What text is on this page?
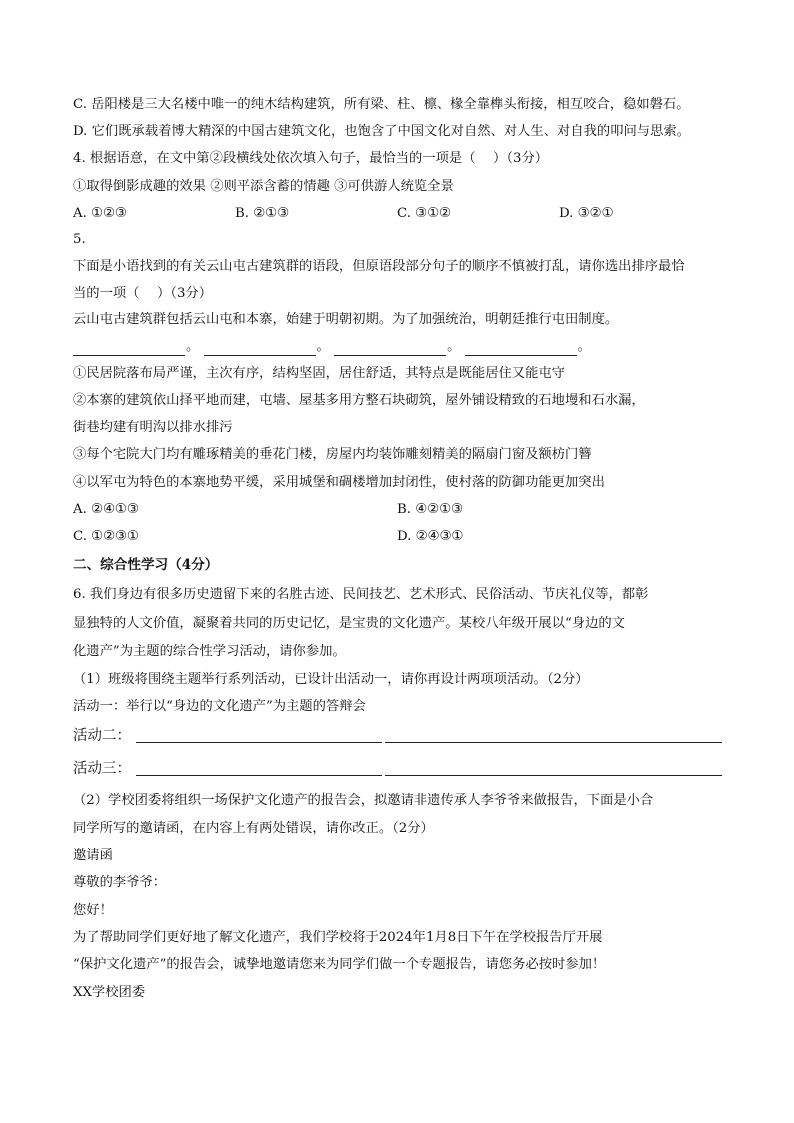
C. 岳阳楼是三大名楼中唯一的纯木结构建筑，所有梁、柱、檩、椽全靠榫头衔接，相互咬合，稳如磐石。
D. 它们既承载着博大精深的中国古建筑文化，也饱含了中国文化对自然、对人生、对自我的叩问与思索。
4. 根据语意，在文中第②段横线处依次填入句子，最恰当的一项是（　 ）（3分）
①取得倒影成趣的效果 ②则平添含蓄的情趣 ③可供游人统览全景
A. ①②③	B. ②①③	C. ③①②	D. ③②①
5.
下面是小语找到的有关云山屯古建筑群的语段，但原语段部分句子的顺序不慎被打乱，请你选出排序最恰
当的一项（　 ）（3分）
云山屯古建筑群包括云山屯和本寨，始建于明朝初期。为了加强统治，明朝廷推行屯田制度。
。	。	。	。
①民居院落布局严谨，主次有序，结构坚固，居住舒适，其特点是既能居住又能屯守
②本寨的建筑依山择平地而建，屯墙、屋基多用方整石块砌筑，屋外铺设精致的石地墁和石水漏，
街巷均建有明沟以排水排污
③每个宅院大门均有雕琢精美的垂花门楼，房屋内均装饰雕刻精美的隔扇门窗及额枋门簪
④以军屯为特色的本寨地势平缓，采用城堡和碉楼增加封闭性，使村落的防御功能更加突出
A. ②④①③	B. ④②①③
C. ①②③①	D. ②④③①
二、综合性学习（4分）
6. 我们身边有很多历史遗留下来的名胜古迹、民间技艺、艺术形式、民俗活动、节庆礼仪等，都彰
显独特的人文价值，凝聚着共同的历史记忆，是宝贵的文化遗产。某校八年级开展以“身边的文
化遗产”为主题的综合性学习活动，请你参加。
（1）班级将围绕主题举行系列活动，已设计出活动一，请你再设计两项项活动。（2分）
活动一：举行以“身边的文化遗产”为主题的答辩会
活动二：
活动三：
（2）学校团委将组织一场保护文化遗产的报告会，拟邀请非遗传承人李爷爷来做报告，下面是小合
同学所写的邀请函，在内容上有两处错误，请你改正。（2分）
邀请函
尊敬的李爷爷：
您好！
为了帮助同学们更好地了解文化遗产，我们学校将于2024年1月8日下午在学校报告厅开展
“保护文化遗产”的报告会，诚挚地邀请您来为同学们做一个专题报告，请您务必按时参加！
XX学校团委
